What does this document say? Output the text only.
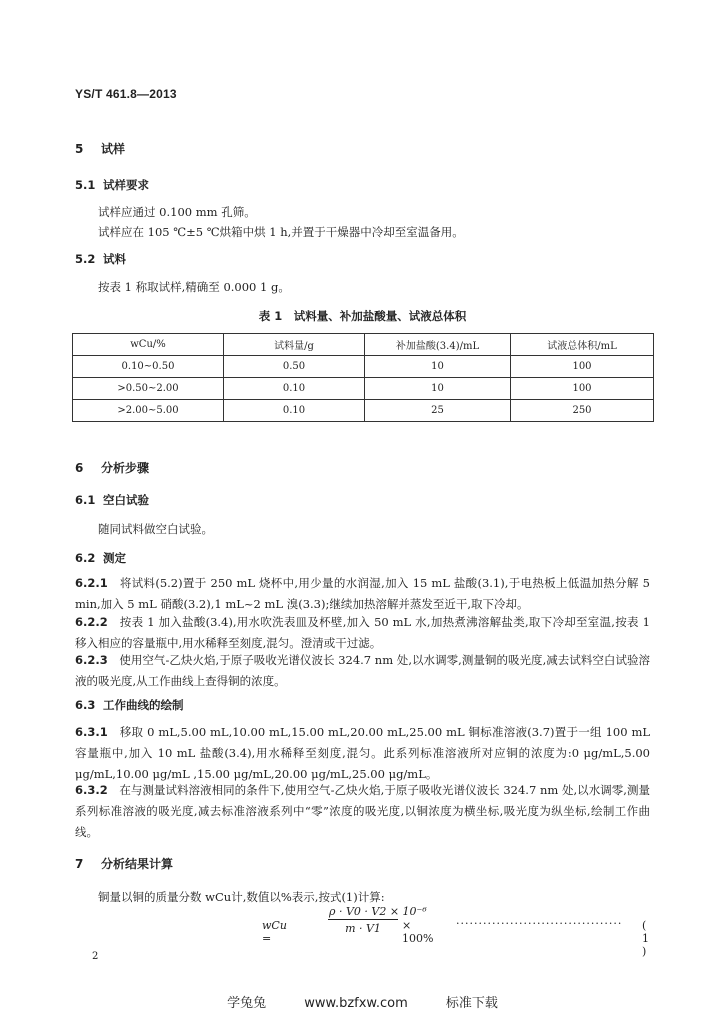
YS/T 461.8—2013
5 试样
5.1 试样要求
试样应通过 0.100 mm 孔筛。
试样应在 105 ℃±5 ℃烘箱中烘 1 h,并置于干燥器中冷却至室温备用。
5.2 试料
按表 1 称取试样,精确至 0.000 1 g。
表 1　试料量、补加盐酸量、试液总体积
wCu/%	试料量/g	补加盐酸(3.4)/mL	试液总体积/mL
0.10~0.50	0.50	10	100
>0.50~2.00	0.10	10	100
>2.00~5.00	0.10	25	250
6 分析步骤
6.1 空白试验
随同试料做空白试验。
6.2 测定
6.2.1　 将试料(5.2)置于 250 mL 烧杯中,用少量的水润湿,加入 15 mL 盐酸(3.1),于电热板上低温加热分解 5 min,加入 5 mL 硝酸(3.2),1 mL~2 mL 溴(3.3);继续加热溶解并蒸发至近干,取下冷却。
6.2.2　 按表 1 加入盐酸(3.4),用水吹洗表皿及杯壁,加入 50 mL 水,加热煮沸溶解盐类,取下冷却至室温,按表 1 移入相应的容量瓶中,用水稀释至刻度,混匀。澄清或干过滤。
6.2.3　 使用空气-乙炔火焰,于原子吸收光谱仪波长 324.7 nm 处,以水调零,测量铜的吸光度,减去试料空白试验溶液的吸光度,从工作曲线上查得铜的浓度。
6.3 工作曲线的绘制
6.3.1　 移取 0 mL,5.00 mL,10.00 mL,15.00 mL,20.00 mL,25.00 mL 铜标准溶液(3.7)置于一组 100 mL容量瓶中,加入 10 mL 盐酸(3.4),用水稀释至刻度,混匀。此系列标准溶液所对应铜的浓度为:0 μg/mL,5.00 μg/mL,10.00 μg/mL ,15.00 μg/mL,20.00 μg/mL,25.00 μg/mL。
6.3.2　 在与测量试料溶液相同的条件下,使用空气-乙炔火焰,于原子吸收光谱仪波长 324.7 nm 处,以水调零,测量系列标准溶液的吸光度,减去标准溶液系列中“零”浓度的吸光度,以铜浓度为横坐标,吸光度为纵坐标,绘制工作曲线。
7 分析结果计算
铜量以铜的质量分数 wCu计,数值以%表示,按式(1)计算:
wCu =
$\frac{\text{ρ · V0 · V2 × 10⁻⁶}}{m \cdot V1} \times 100\%$
····································· ( 1 )
2
学兔兔	www.bzfxw.com	标准下载
